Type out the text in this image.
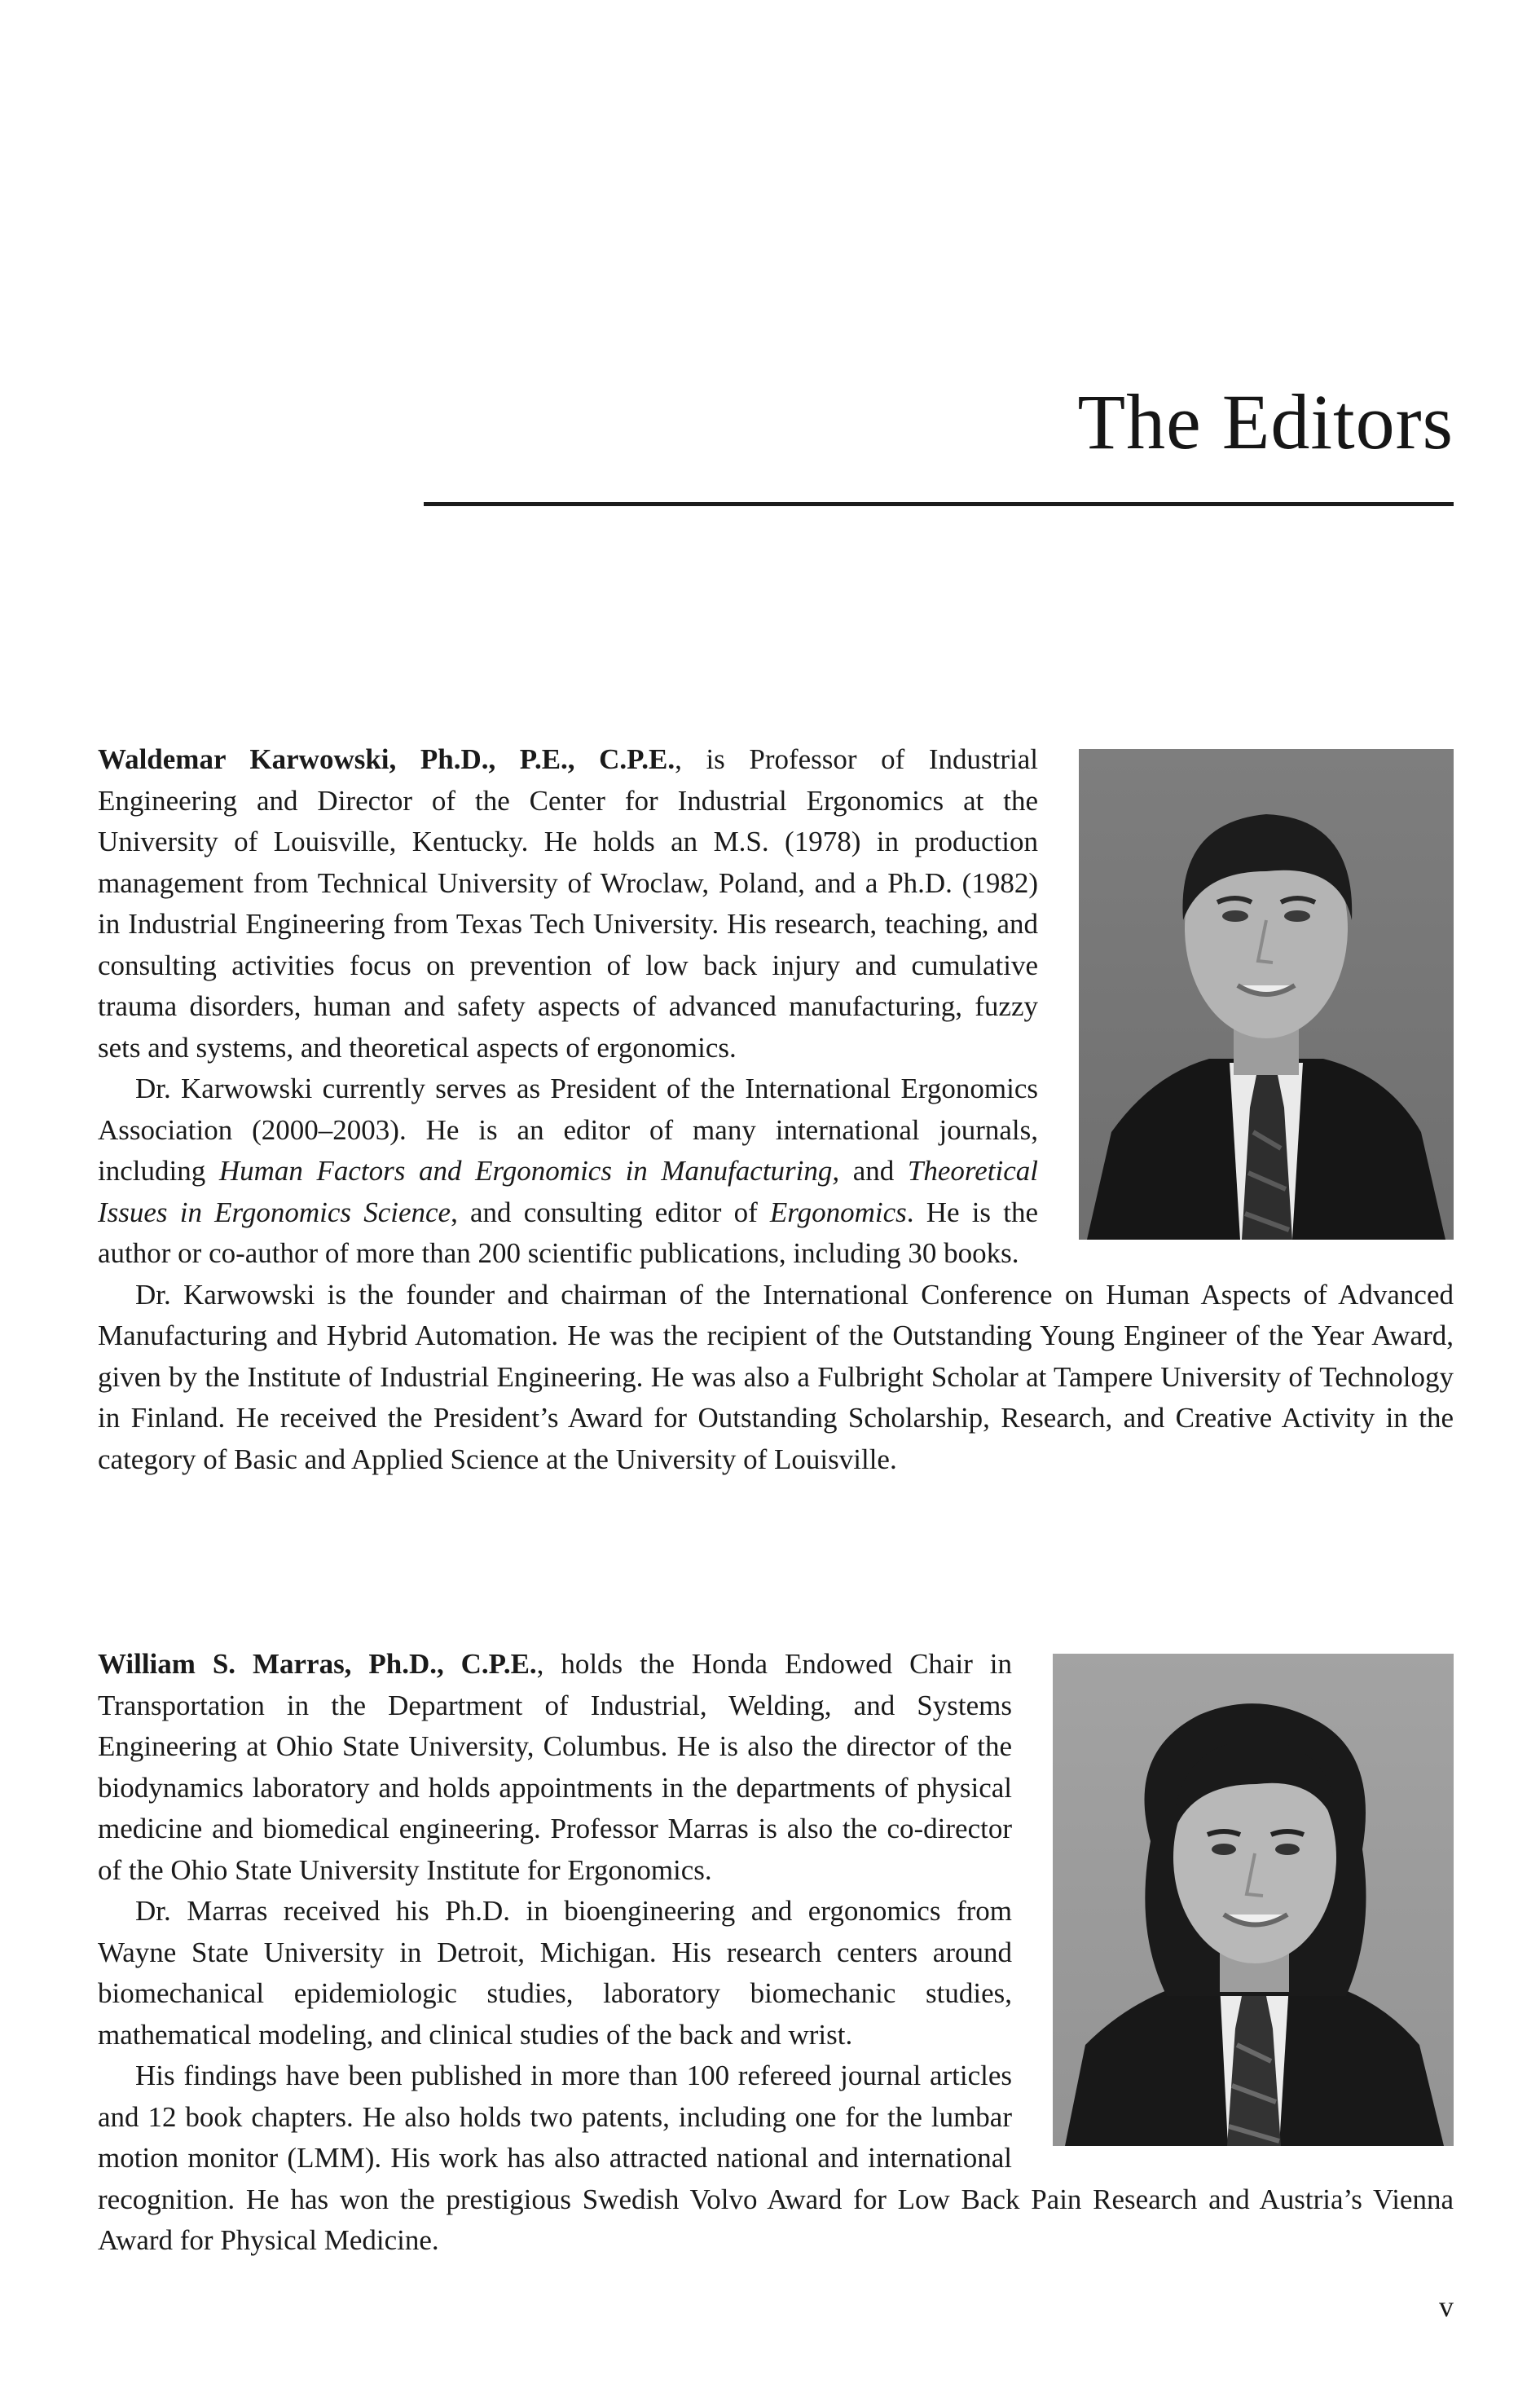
The Editors

Waldemar Karwowski, Ph.D., P.E., C.P.E., is Professor of Industrial Engineering and Director of the Center for Industrial Ergonomics at the University of Louisville, Kentucky. He holds an M.S. (1978) in production management from Technical University of Wroclaw, Poland, and a Ph.D. (1982) in Industrial Engineering from Texas Tech University. His research, teaching, and consulting activities focus on prevention of low back injury and cumulative trauma disorders, human and safety aspects of advanced manufacturing, fuzzy sets and systems, and theoretical aspects of ergonomics.

Dr. Karwowski currently serves as President of the International Ergonomics Association (2000–2003). He is an editor of many international journals, including Human Factors and Ergonomics in Manufacturing, and Theoretical Issues in Ergonomics Science, and consulting editor of Ergonomics. He is the author or co-author of more than 200 scientific publications, including 30 books.

Dr. Karwowski is the founder and chairman of the International Conference on Human Aspects of Advanced Manufacturing and Hybrid Automation. He was the recipient of the Outstanding Young Engineer of the Year Award, given by the Institute of Industrial Engineering. He was also a Fulbright Scholar at Tampere University of Technology in Finland. He received the President’s Award for Outstanding Scholarship, Research, and Creative Activity in the category of Basic and Applied Science at the University of Louisville.

William S. Marras, Ph.D., C.P.E., holds the Honda Endowed Chair in Transportation in the Department of Industrial, Welding, and Systems Engineering at Ohio State University, Columbus. He is also the director of the biodynamics laboratory and holds appointments in the departments of physical medicine and biomedical engineering. Professor Marras is also the co-director of the Ohio State University Institute for Ergonomics.

Dr. Marras received his Ph.D. in bioengineering and ergonomics from Wayne State University in Detroit, Michigan. His research centers around biomechanical epidemiologic studies, laboratory biomechanic studies, mathematical modeling, and clinical studies of the back and wrist.

His findings have been published in more than 100 refereed journal articles and 12 book chapters. He also holds two patents, including one for the lumbar motion monitor (LMM). His work has also attracted national and international recognition. He has won the prestigious Swedish Volvo Award for Low Back Pain Research and Austria’s Vienna Award for Physical Medicine.

v
